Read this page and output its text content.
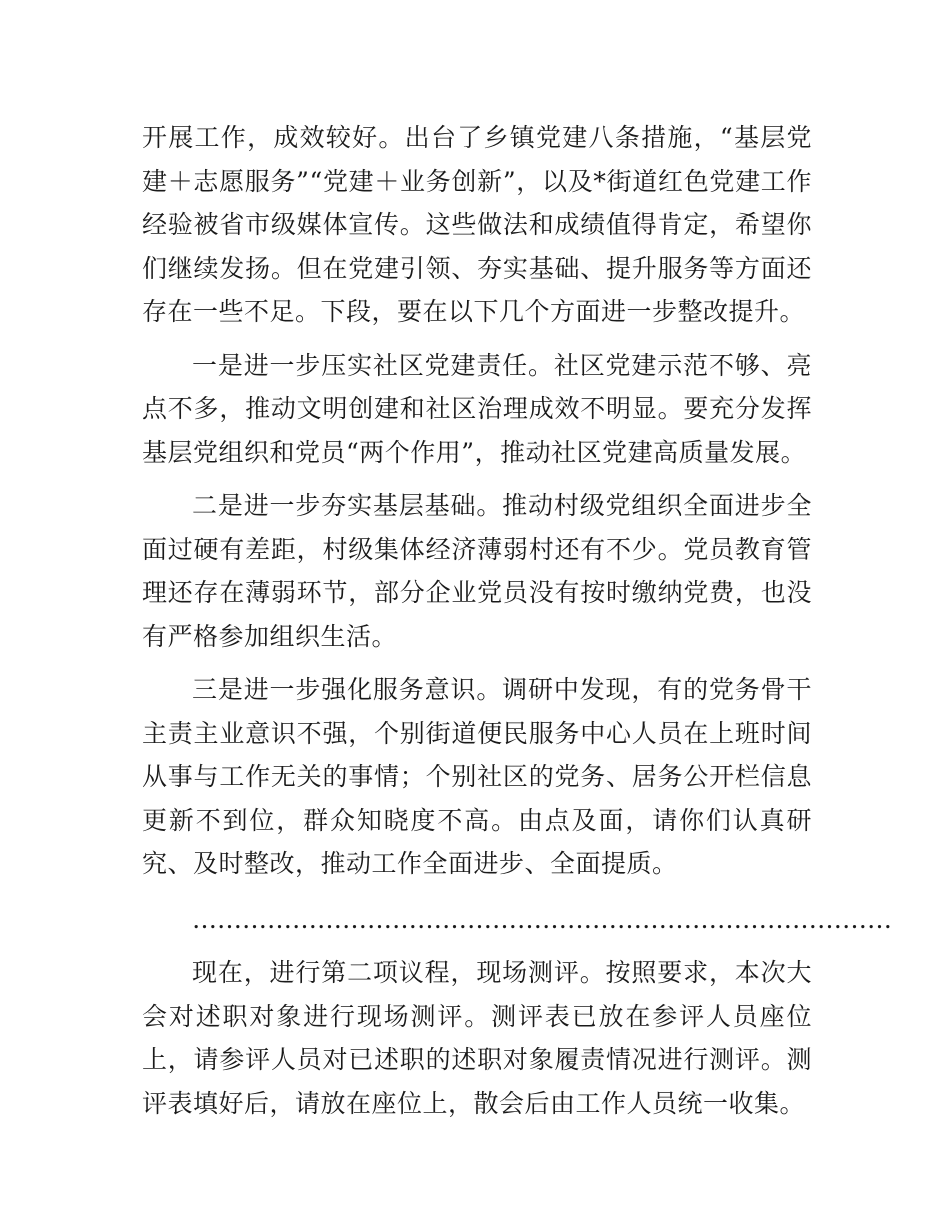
开展工作，成效较好。出台了乡镇党建八条措施，“基层党建＋志愿服务”“党建＋业务创新”，以及*街道红色党建工作经验被省市级媒体宣传。这些做法和成绩值得肯定，希望你们继续发扬。但在党建引领、夯实基础、提升服务等方面还存在一些不足。下段，要在以下几个方面进一步整改提升。

一是进一步压实社区党建责任。社区党建示范不够、亮点不多，推动文明创建和社区治理成效不明显。要充分发挥基层党组织和党员“两个作用”，推动社区党建高质量发展。

二是进一步夯实基层基础。推动村级党组织全面进步全面过硬有差距，村级集体经济薄弱村还有不少。党员教育管理还存在薄弱环节，部分企业党员没有按时缴纳党费，也没有严格参加组织生活。

三是进一步强化服务意识。调研中发现，有的党务骨干主责主业意识不强，个别街道便民服务中心人员在上班时间从事与工作无关的事情；个别社区的党务、居务公开栏信息更新不到位，群众知晓度不高。由点及面，请你们认真研究、及时整改，推动工作全面进步、全面提质。

…………………………………………………………………………

现在，进行第二项议程，现场测评。按照要求，本次大会对述职对象进行现场测评。测评表已放在参评人员座位上，请参评人员对已述职的述职对象履责情况进行测评。测评表填好后，请放在座位上，散会后由工作人员统一收集。
